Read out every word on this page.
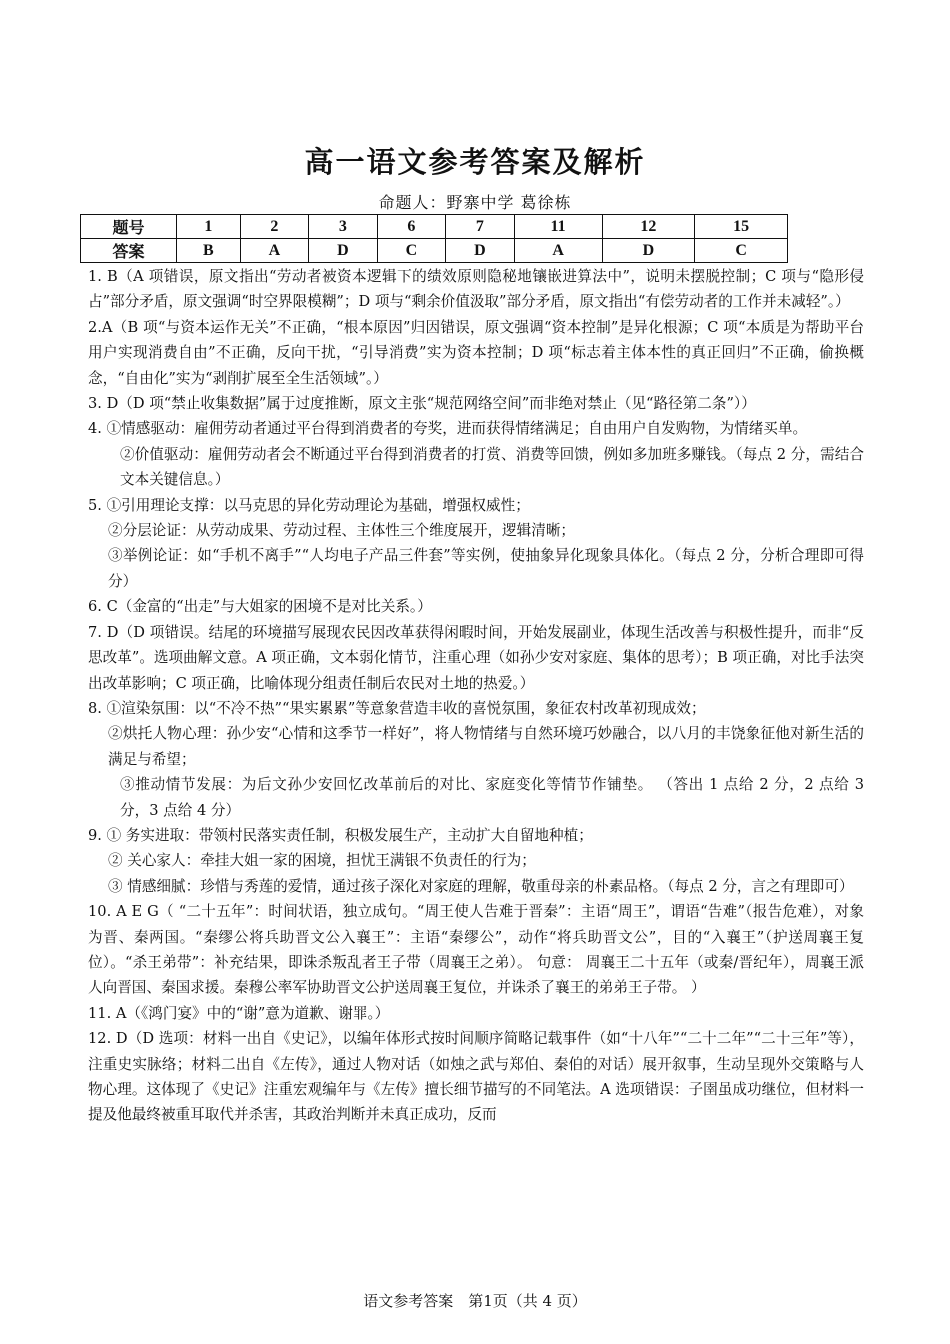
高一语文参考答案及解析
命题人：野寨中学 葛徐栋
题号	1	2	3	6	7	11	12	15
答案	B	A	D	C	D	A	D	C

1. B（A 项错误，原文指出“劳动者被资本逻辑下的绩效原则隐秘地镶嵌进算法中”，说明未摆脱控制；C 项与“隐形侵占”部分矛盾，原文强调“时空界限模糊”；D 项与“剩余价值汲取”部分矛盾，原文指出“有偿劳动者的工作并未减轻”。）

2.A（B 项“与资本运作无关”不正确，“根本原因”归因错误，原文强调“资本控制”是异化根源；C 项“本质是为帮助平台用户实现消费自由”不正确，反向干扰，“引导消费”实为资本控制；D 项“标志着主体本性的真正回归”不正确，偷换概念，“自由化”实为“剥削扩展至全生活领域”。）

3. D（D 项“禁止收集数据”属于过度推断，原文主张“规范网络空间”而非绝对禁止（见“路径第二条”））

4. ①情感驱动：雇佣劳动者通过平台得到消费者的夸奖，进而获得情绪满足；自由用户自发购物，为情绪买单。

②价值驱动：雇佣劳动者会不断通过平台得到消费者的打赏、消费等回馈，例如多加班多赚钱。（每点 2 分，需结合文本关键信息。）

5. ①引用理论支撑：以马克思的异化劳动理论为基础，增强权威性；

②分层论证：从劳动成果、劳动过程、主体性三个维度展开，逻辑清晰；

③举例论证：如“手机不离手”“人均电子产品三件套”等实例，使抽象异化现象具体化。（每点 2 分，分析合理即可得分）

6. C（金富的“出走”与大姐家的困境不是对比关系。）

7. D（D 项错误。结尾的环境描写展现农民因改革获得闲暇时间，开始发展副业，体现生活改善与积极性提升，而非“反思改革”。选项曲解文意。A 项正确，文本弱化情节，注重心理（如孙少安对家庭、集体的思考）；B 项正确，对比手法突出改革影响；C 项正确，比喻体现分组责任制后农民对土地的热爱。）

8. ①渲染氛围：以“不冷不热”“果实累累”等意象营造丰收的喜悦氛围，象征农村改革初现成效；

②烘托人物心理：孙少安“心情和这季节一样好”，将人物情绪与自然环境巧妙融合，以八月的丰饶象征他对新生活的满足与希望；

③推动情节发展：为后文孙少安回忆改革前后的对比、家庭变化等情节作铺垫。 （答出 1 点给 2 分，2 点给 3 分，3 点给 4 分）

9. ① 务实进取：带领村民落实责任制，积极发展生产，主动扩大自留地种植；

② 关心家人：牵挂大姐一家的困境，担忧王满银不负责任的行为；

③ 情感细腻：珍惜与秀莲的爱情，通过孩子深化对家庭的理解，敬重母亲的朴素品格。（每点 2 分，言之有理即可）

10. A E G（ “二十五年”：时间状语，独立成句。“周王使人告难于晋秦”：主语“周王”，谓语“告难”（报告危难），对象为晋、秦两国。“秦缪公将兵助晋文公入襄王”：主语“秦缪公”，动作“将兵助晋文公”，目的“入襄王”（护送周襄王复位）。“杀王弟带”：补充结果，即诛杀叛乱者王子带（周襄王之弟）。 句意： 周襄王二十五年（或秦/晋纪年），周襄王派人向晋国、秦国求援。秦穆公率军协助晋文公护送周襄王复位，并诛杀了襄王的弟弟王子带。 ）

11. A（《鸿门宴》中的“谢”意为道歉、谢罪。）

12. D（D 选项：材料一出自《史记》，以编年体形式按时间顺序简略记载事件（如“十八年”“二十二年”“二十三年”等），注重史实脉络；材料二出自《左传》，通过人物对话（如烛之武与郑伯、秦伯的对话）展开叙事，生动呈现外交策略与人物心理。这体现了《史记》注重宏观编年与《左传》擅长细节描写的不同笔法。A 选项错误：子圉虽成功继位，但材料一提及他最终被重耳取代并杀害，其政治判断并未真正成功，反而

语文参考答案　第1页（共 4 页）
